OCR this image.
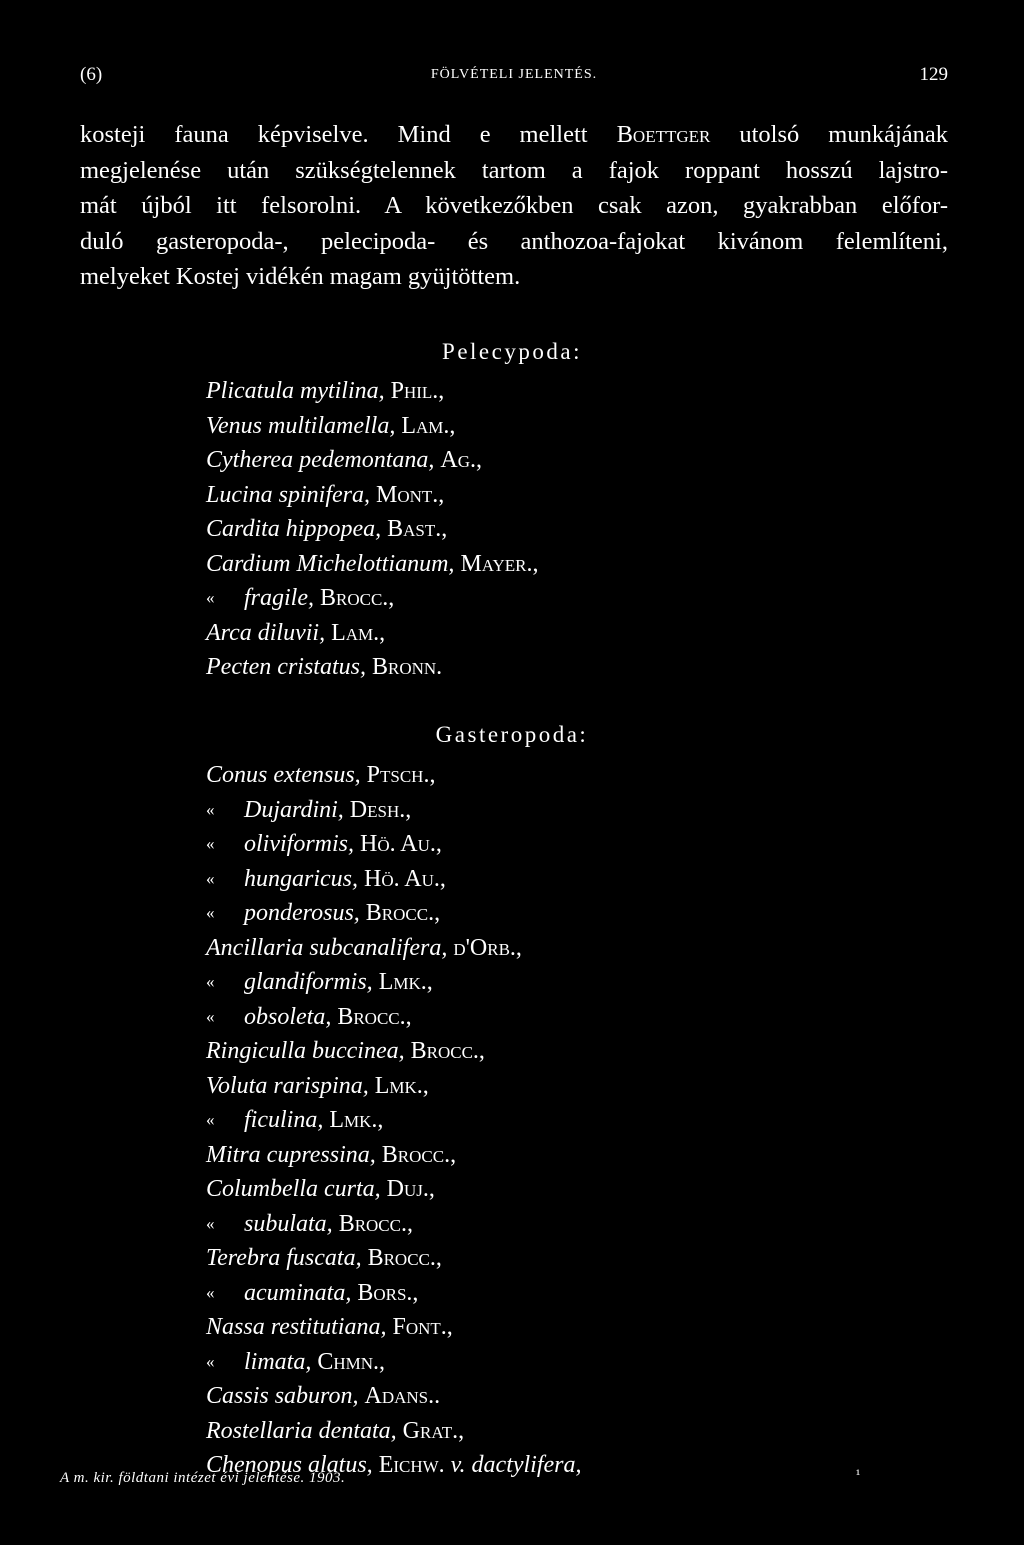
(6)	FÖLVÉTELI JELENTÉS.	129
kosteji fauna képviselve. Mind e mellett Boettger utolsó munkájának
megjelenése után szükségtelennek tartom a fajok roppant hosszú lajstro-
mát újból itt felsorolni. A következőkben csak azon, gyakrabban előfor-
duló gasteropoda-, pelecipoda- és anthozoa-fajokat kivánom felemlíteni,
melyeket Kostej vidékén magam gyüjtöttem.
Pelecypoda:
Plicatula mytilina, Phil.,
Venus multilamella, Lam.,
Cytherea pedemontana, Ag.,
Lucina spinifera, Mont.,
Cardita hippopea, Bast.,
Cardium Michelottianum, Mayer.,
« fragile, Brocc.,
Arca diluvii, Lam.,
Pecten cristatus, Bronn.
Gasteropoda:
Conus extensus, Ptsch.,
« Dujardini, Desh.,
« oliviformis, Hö. Au.,
« hungaricus, Hö. Au.,
« ponderosus, Brocc.,
Ancillaria subcanalifera, d'Orb.,
« glandiformis, Lmk.,
« obsoleta, Brocc.,
Ringiculla buccinea, Brocc.,
Voluta rarispina, Lmk.,
« ficulina, Lmk.,
Mitra cupressina, Brocc.,
Columbella curta, Duj.,
« subulata, Brocc.,
Terebra fuscata, Brocc.,
« acuminata, Bors.,
Nassa restitutiana, Font.,
« limata, Chmn.,
Cassis saburon, Adans..
Rostellaria dentata, Grat.,
Chenopus alatus, Eichw. v. dactylifera,
A m. kir. földtani intézet évi jelentése. 1903.	¹
